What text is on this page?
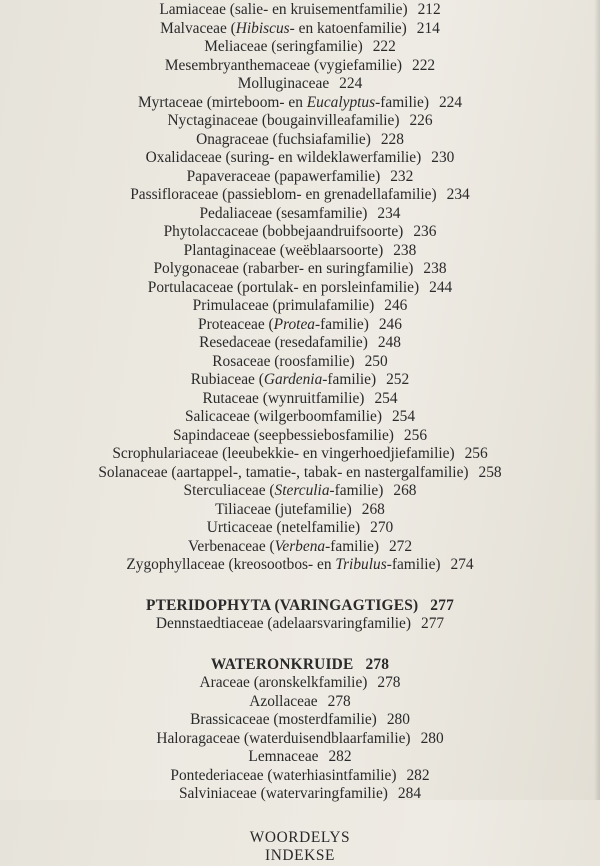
Lamiaceae (salie- en kruisementfamilie) 212
Malvaceae (Hibiscus- en katoenfamilie) 214
Meliaceae (seringfamilie) 222
Mesembryanthemaceae (vygiefamilie) 222
Molluginaceae 224
Myrtaceae (mirteboom- en Eucalyptus-familie) 224
Nyctaginaceae (bougainvilleafamilie) 226
Onagraceae (fuchsiafamilie) 228
Oxalidaceae (suring- en wildeklawerfamilie) 230
Papaveraceae (papawerfamilie) 232
Passifloraceae (passieblom- en grenadellafamilie) 234
Pedaliaceae (sesamfamilie) 234
Phytolaccaceae (bobbejaandruifsoorte) 236
Plantaginaceae (weëblaarsoorte) 238
Polygonaceae (rabarber- en suringfamilie) 238
Portulacaceae (portulak- en porsleinfamilie) 244
Primulaceae (primulafamilie) 246
Proteaceae (Protea-familie) 246
Resedaceae (resedafamilie) 248
Rosaceae (roosfamilie) 250
Rubiaceae (Gardenia-familie) 252
Rutaceae (wynruitfamilie) 254
Salicaceae (wilgerboomfamilie) 254
Sapindaceae (seepbessiebosfamilie) 256
Scrophulariaceae (leeubekkie- en vingerhoedjiefamilie) 256
Solanaceae (aartappel-, tamatie-, tabak- en nastergalfamilie) 258
Sterculiaceae (Sterculia-familie) 268
Tiliaceae (jutefamilie) 268
Urticaceae (netelfamilie) 270
Verbenaceae (Verbena-familie) 272
Zygophyllaceae (kreosootbos- en Tribulus-familie) 274
PTERIDOPHYTA (VARINGAGTIGES) 277
Dennstaedtiaceae (adelaarsvaringfamilie) 277
WATERONKRUIDE 278
Araceae (aronskelkfamilie) 278
Azollaceae 278
Brassicaceae (mosterdfamilie) 280
Haloragaceae (waterduisendblaarfamilie) 280
Lemnaceae 282
Pontederiaceae (waterhiasintfamilie) 282
Salviniaceae (watervaringfamilie) 284
WOORDELYS
INDEKSE
